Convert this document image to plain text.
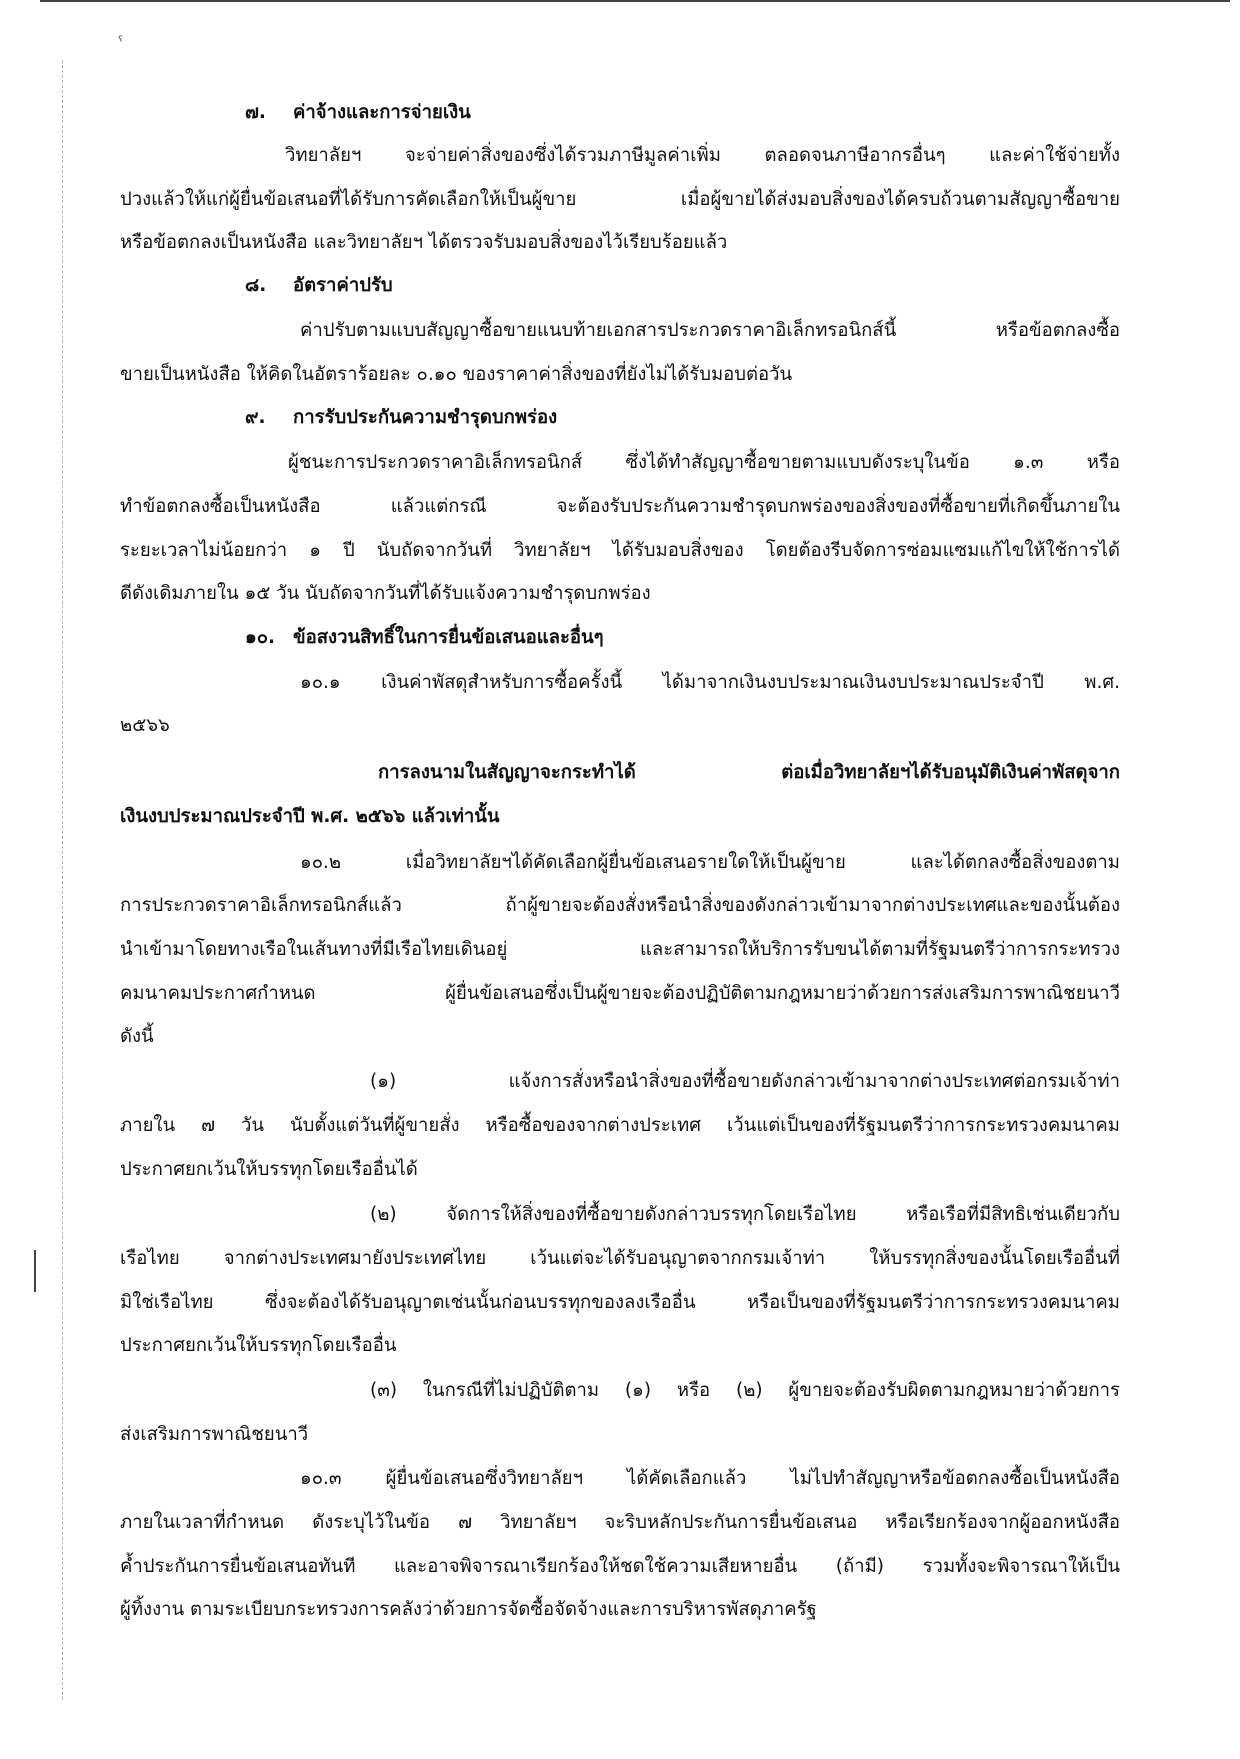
ˁ
๗. ค่าจ้างและการจ่ายเงิน
วิทยาลัยฯ จะจ่ายค่าสิ่งของซึ่งได้รวมภาษีมูลค่าเพิ่ม ตลอดจนภาษีอากรอื่นๆ และค่าใช้จ่ายทั้ง
ปวงแล้วให้แก่ผู้ยื่นข้อเสนอที่ได้รับการคัดเลือกให้เป็นผู้ขาย เมื่อผู้ขายได้ส่งมอบสิ่งของได้ครบถ้วนตามสัญญาซื้อขาย
หรือข้อตกลงเป็นหนังสือ และวิทยาลัยฯ ได้ตรวจรับมอบสิ่งของไว้เรียบร้อยแล้ว
๘. อัตราค่าปรับ
ค่าปรับตามแบบสัญญาซื้อขายแนบท้ายเอกสารประกวดราคาอิเล็กทรอนิกส์นี้ หรือข้อตกลงซื้อ
ขายเป็นหนังสือ ให้คิดในอัตราร้อยละ ๐.๑๐ ของราคาค่าสิ่งของที่ยังไม่ได้รับมอบต่อวัน
๙. การรับประกันความชำรุดบกพร่อง
ผู้ชนะการประกวดราคาอิเล็กทรอนิกส์ ซึ่งได้ทำสัญญาซื้อขายตามแบบดังระบุในข้อ ๑.๓ หรือ
ทำข้อตกลงซื้อเป็นหนังสือ แล้วแต่กรณี จะต้องรับประกันความชำรุดบกพร่องของสิ่งของที่ซื้อขายที่เกิดขึ้นภายใน
ระยะเวลาไม่น้อยกว่า ๑ ปี นับถัดจากวันที่ วิทยาลัยฯ ได้รับมอบสิ่งของ โดยต้องรีบจัดการซ่อมแซมแก้ไขให้ใช้การได้
ดีดังเดิมภายใน ๑๕ วัน นับถัดจากวันที่ได้รับแจ้งความชำรุดบกพร่อง
๑๐. ข้อสงวนสิทธิ์ในการยื่นข้อเสนอและอื่นๆ
๑๐.๑ เงินค่าพัสดุสำหรับการซื้อครั้งนี้ ได้มาจากเงินงบประมาณเงินงบประมาณประจำปี พ.ศ.
๒๕๖๖
การลงนามในสัญญาจะกระทำได้ ต่อเมื่อวิทยาลัยฯได้รับอนุมัติเงินค่าพัสดุจาก
เงินงบประมาณประจำปี พ.ศ. ๒๕๖๖ แล้วเท่านั้น
๑๐.๒ เมื่อวิทยาลัยฯได้คัดเลือกผู้ยื่นข้อเสนอรายใดให้เป็นผู้ขาย และได้ตกลงซื้อสิ่งของตาม
การประกวดราคาอิเล็กทรอนิกส์แล้ว ถ้าผู้ขายจะต้องสั่งหรือนำสิ่งของดังกล่าวเข้ามาจากต่างประเทศและของนั้นต้อง
นำเข้ามาโดยทางเรือในเส้นทางที่มีเรือไทยเดินอยู่ และสามารถให้บริการรับขนได้ตามที่รัฐมนตรีว่าการกระทรวง
คมนาคมประกาศกำหนด ผู้ยื่นข้อเสนอซึ่งเป็นผู้ขายจะต้องปฏิบัติตามกฎหมายว่าด้วยการส่งเสริมการพาณิชยนาวี
ดังนี้
(๑) แจ้งการสั่งหรือนำสิ่งของที่ซื้อขายดังกล่าวเข้ามาจากต่างประเทศต่อกรมเจ้าท่า
ภายใน ๗ วัน นับตั้งแต่วันที่ผู้ขายสั่ง หรือซื้อของจากต่างประเทศ เว้นแต่เป็นของที่รัฐมนตรีว่าการกระทรวงคมนาคม
ประกาศยกเว้นให้บรรทุกโดยเรืออื่นได้
(๒) จัดการให้สิ่งของที่ซื้อขายดังกล่าวบรรทุกโดยเรือไทย หรือเรือที่มีสิทธิเช่นเดียวกับ
เรือไทย จากต่างประเทศมายังประเทศไทย เว้นแต่จะได้รับอนุญาตจากกรมเจ้าท่า ให้บรรทุกสิ่งของนั้นโดยเรืออื่นที่
มิใช่เรือไทย ซึ่งจะต้องได้รับอนุญาตเช่นนั้นก่อนบรรทุกของลงเรืออื่น หรือเป็นของที่รัฐมนตรีว่าการกระทรวงคมนาคม
ประกาศยกเว้นให้บรรทุกโดยเรืออื่น
(๓) ในกรณีที่ไม่ปฏิบัติตาม (๑) หรือ (๒) ผู้ขายจะต้องรับผิดตามกฎหมายว่าด้วยการ
ส่งเสริมการพาณิชยนาวี
๑๐.๓ ผู้ยื่นข้อเสนอซึ่งวิทยาลัยฯ ได้คัดเลือกแล้ว ไม่ไปทำสัญญาหรือข้อตกลงซื้อเป็นหนังสือ
ภายในเวลาที่กำหนด ดังระบุไว้ในข้อ ๗ วิทยาลัยฯ จะริบหลักประกันการยื่นข้อเสนอ หรือเรียกร้องจากผู้ออกหนังสือ
ค้ำประกันการยื่นข้อเสนอทันที และอาจพิจารณาเรียกร้องให้ชดใช้ความเสียหายอื่น (ถ้ามี) รวมทั้งจะพิจารณาให้เป็น
ผู้ทิ้งงาน ตามระเบียบกระทรวงการคลังว่าด้วยการจัดซื้อจัดจ้างและการบริหารพัสดุภาครัฐ
